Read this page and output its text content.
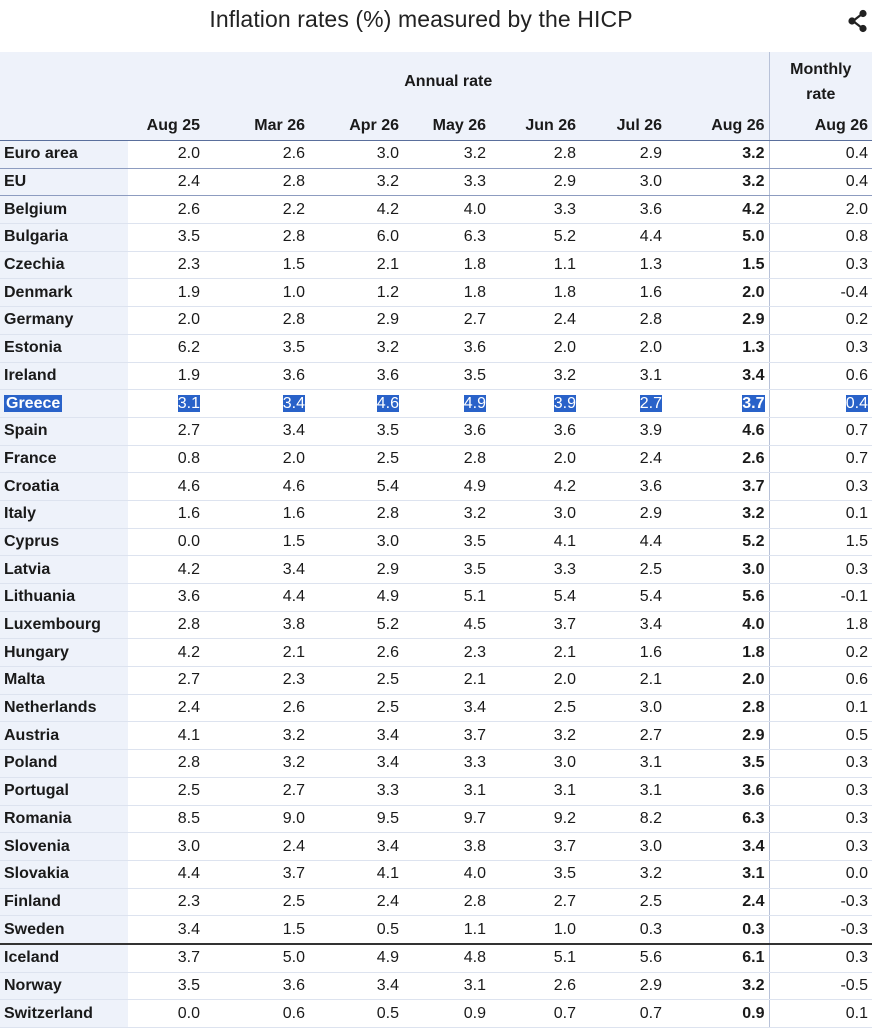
Inflation rates (%) measured by the HICP
	Annual rate							Monthly
rate
	Aug 25	Mar 26	Apr 26	May 26	Jun 26	Jul 26	Aug 26	Aug 26
Euro area	2.0	2.6	3.0	3.2	2.8	2.9	3.2	0.4
EU	2.4	2.8	3.2	3.3	2.9	3.0	3.2	0.4
Belgium	2.6	2.2	4.2	4.0	3.3	3.6	4.2	2.0
Bulgaria	3.5	2.8	6.0	6.3	5.2	4.4	5.0	0.8
Czechia	2.3	1.5	2.1	1.8	1.1	1.3	1.5	0.3
Denmark	1.9	1.0	1.2	1.8	1.8	1.6	2.0	-0.4
Germany	2.0	2.8	2.9	2.7	2.4	2.8	2.9	0.2
Estonia	6.2	3.5	3.2	3.6	2.0	2.0	1.3	0.3
Ireland	1.9	3.6	3.6	3.5	3.2	3.1	3.4	0.6
Greece	3.1	3.4	4.6	4.9	3.9	2.7	3.7	0.4
Spain	2.7	3.4	3.5	3.6	3.6	3.9	4.6	0.7
France	0.8	2.0	2.5	2.8	2.0	2.4	2.6	0.7
Croatia	4.6	4.6	5.4	4.9	4.2	3.6	3.7	0.3
Italy	1.6	1.6	2.8	3.2	3.0	2.9	3.2	0.1
Cyprus	0.0	1.5	3.0	3.5	4.1	4.4	5.2	1.5
Latvia	4.2	3.4	2.9	3.5	3.3	2.5	3.0	0.3
Lithuania	3.6	4.4	4.9	5.1	5.4	5.4	5.6	-0.1
Luxembourg	2.8	3.8	5.2	4.5	3.7	3.4	4.0	1.8
Hungary	4.2	2.1	2.6	2.3	2.1	1.6	1.8	0.2
Malta	2.7	2.3	2.5	2.1	2.0	2.1	2.0	0.6
Netherlands	2.4	2.6	2.5	3.4	2.5	3.0	2.8	0.1
Austria	4.1	3.2	3.4	3.7	3.2	2.7	2.9	0.5
Poland	2.8	3.2	3.4	3.3	3.0	3.1	3.5	0.3
Portugal	2.5	2.7	3.3	3.1	3.1	3.1	3.6	0.3
Romania	8.5	9.0	9.5	9.7	9.2	8.2	6.3	0.3
Slovenia	3.0	2.4	3.4	3.8	3.7	3.0	3.4	0.3
Slovakia	4.4	3.7	4.1	4.0	3.5	3.2	3.1	0.0
Finland	2.3	2.5	2.4	2.8	2.7	2.5	2.4	-0.3
Sweden	3.4	1.5	0.5	1.1	1.0	0.3	0.3	-0.3
Iceland	3.7	5.0	4.9	4.8	5.1	5.6	6.1	0.3
Norway	3.5	3.6	3.4	3.1	2.6	2.9	3.2	-0.5
Switzerland	0.0	0.6	0.5	0.9	0.7	0.7	0.9	0.1
